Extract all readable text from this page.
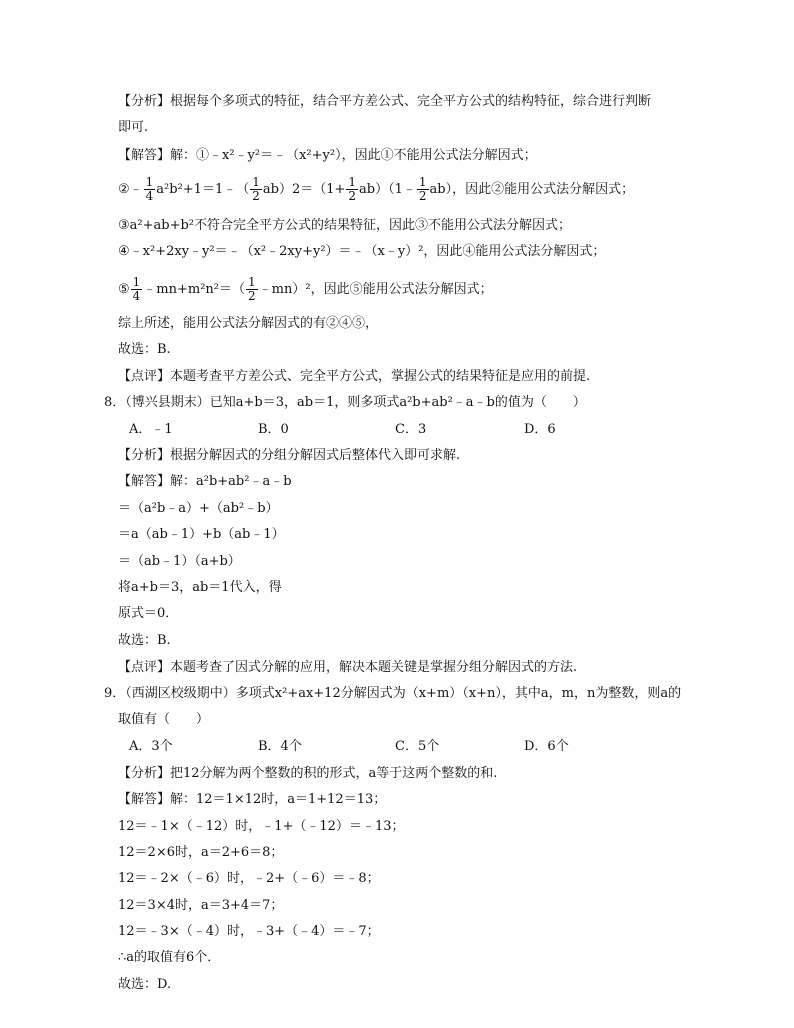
【分析】根据每个多项式的特征，结合平方差公式、完全平方公式的结构特征，综合进行判断
即可.
【解答】解：①﹣x²﹣y²＝﹣（x²+y²），因此①不能用公式法分解因式；
②﹣ $\frac{1}{4}$ a²b²+1＝1﹣（ $\frac{1}{2} ab)2=(1+ \frac{1}{2}$ ab）（1﹣ $\frac{1}{2} ab$），因此②能用公式法分解因式；
③a²+ab+b²不符合完全平方公式的结果特征，因此③不能用公式法分解因式；
④﹣x²+2xy﹣y²＝﹣（x²﹣2xy+y²）＝﹣（x﹣y）²，因此④能用公式法分解因式；
⑤ $\frac{1}{4}$ ﹣mn+m²n²＝（ $\frac{1}{2}$ ﹣mn）²，因此⑤能用公式法分解因式；
综上所述，能用公式法分解因式的有②④⑤，
故选：B.
【点评】本题考查平方差公式、完全平方公式，掌握公式的结果特征是应用的前提.
8．（博兴县期末）已知a+b＝3，ab＝1，则多项式a²b+ab²﹣a﹣b的值为（　　）
A．﹣1	B．0	C．3	D．6
【分析】根据分解因式的分组分解因式后整体代入即可求解.
【解答】解：a²b+ab²﹣a﹣b
＝（a²b﹣a）+（ab²﹣b）
＝a（ab﹣1）+b（ab﹣1）
＝（ab﹣1）（a+b）
将a+b＝3，ab＝1代入，得
原式＝0．
故选：B.
【点评】本题考查了因式分解的应用，解决本题关键是掌握分组分解因式的方法.
9．（西湖区校级期中）多项式x²+ax+12分解因式为（x+m）（x+n），其中a，m，n为整数，则a的
取值有（　　）
A．3个	B．4个	C．5个	D．6个
【分析】把12分解为两个整数的积的形式，a等于这两个整数的和.
【解答】解：12＝1×12时，a＝1+12＝13；
12＝﹣1×（﹣12）时，﹣1+（﹣12）＝﹣13；
12＝2×6时，a＝2+6＝8；
12＝﹣2×（﹣6）时，﹣2+（﹣6）＝﹣8；
12＝3×4时，a＝3+4＝7；
12＝﹣3×（﹣4）时，﹣3+（﹣4）＝﹣7；
∴a的取值有6个．
故选：D.
